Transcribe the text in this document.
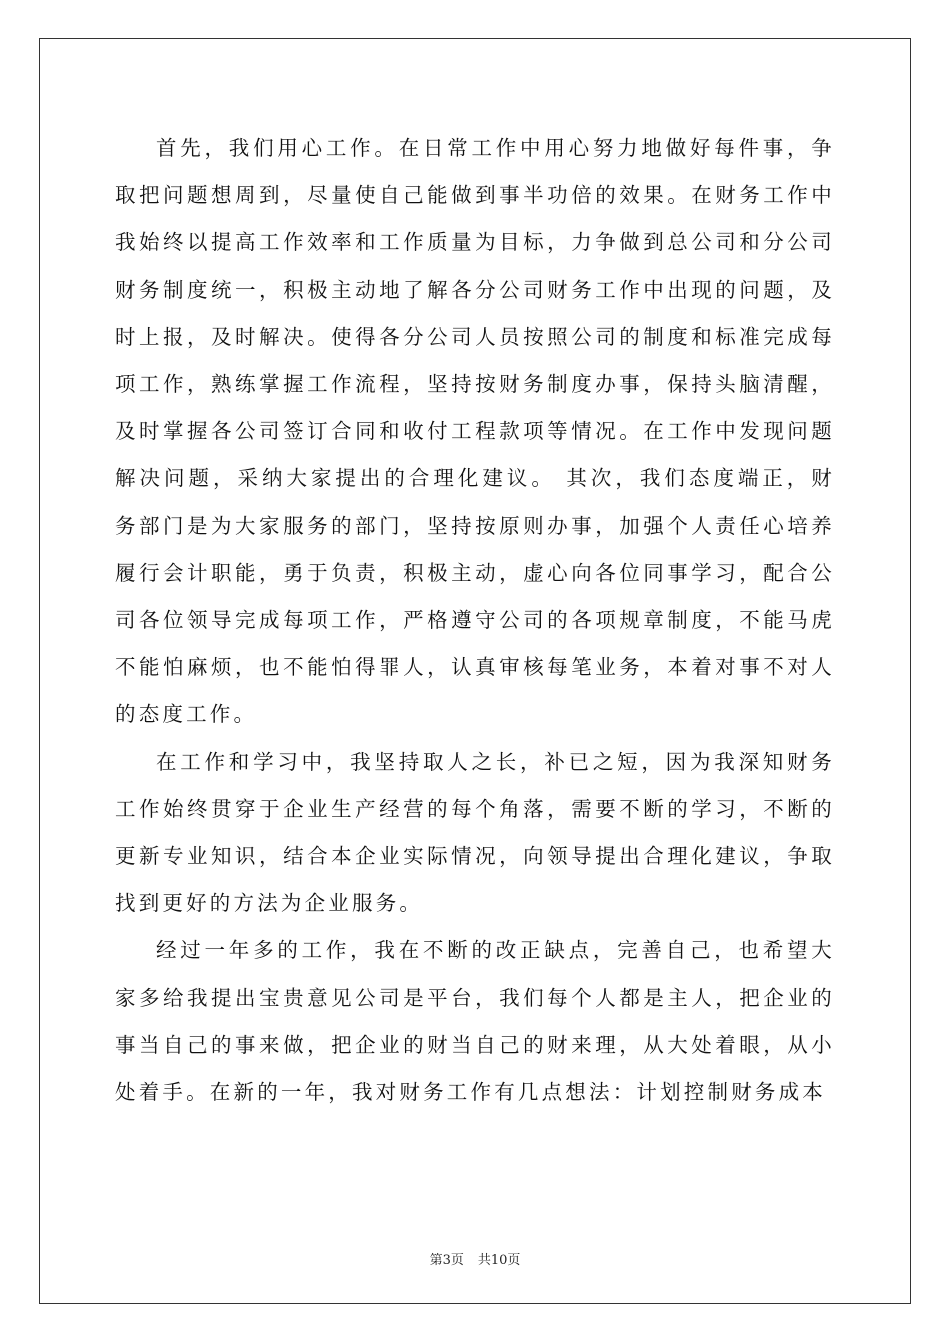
首先，我们用心工作。在日常工作中用心努力地做好每件事，争取把问题想周到，尽量使自己能做到事半功倍的效果。在财务工作中我始终以提高工作效率和工作质量为目标，力争做到总公司和分公司财务制度统一，积极主动地了解各分公司财务工作中出现的问题，及时上报，及时解决。使得各分公司人员按照公司的制度和标准完成每项工作，熟练掌握工作流程，坚持按财务制度办事，保持头脑清醒，及时掌握各公司签订合同和收付工程款项等情况。在工作中发现问题解决问题，采纳大家提出的合理化建议。 其次，我们态度端正，财务部门是为大家服务的部门，坚持按原则办事，加强个人责任心培养履行会计职能，勇于负责，积极主动，虚心向各位同事学习，配合公司各位领导完成每项工作，严格遵守公司的各项规章制度，不能马虎不能怕麻烦，也不能怕得罪人，认真审核每笔业务，本着对事不对人的态度工作。

在工作和学习中，我坚持取人之长，补已之短，因为我深知财务工作始终贯穿于企业生产经营的每个角落，需要不断的学习，不断的更新专业知识，结合本企业实际情况，向领导提出合理化建议，争取找到更好的方法为企业服务。

经过一年多的工作，我在不断的改正缺点，完善自己，也希望大家多给我提出宝贵意见公司是平台，我们每个人都是主人，把企业的事当自己的事来做，把企业的财当自己的财来理，从大处着眼，从小处着手。在新的一年，我对财务工作有几点想法：计划控制财务成本

第3页 共10页
